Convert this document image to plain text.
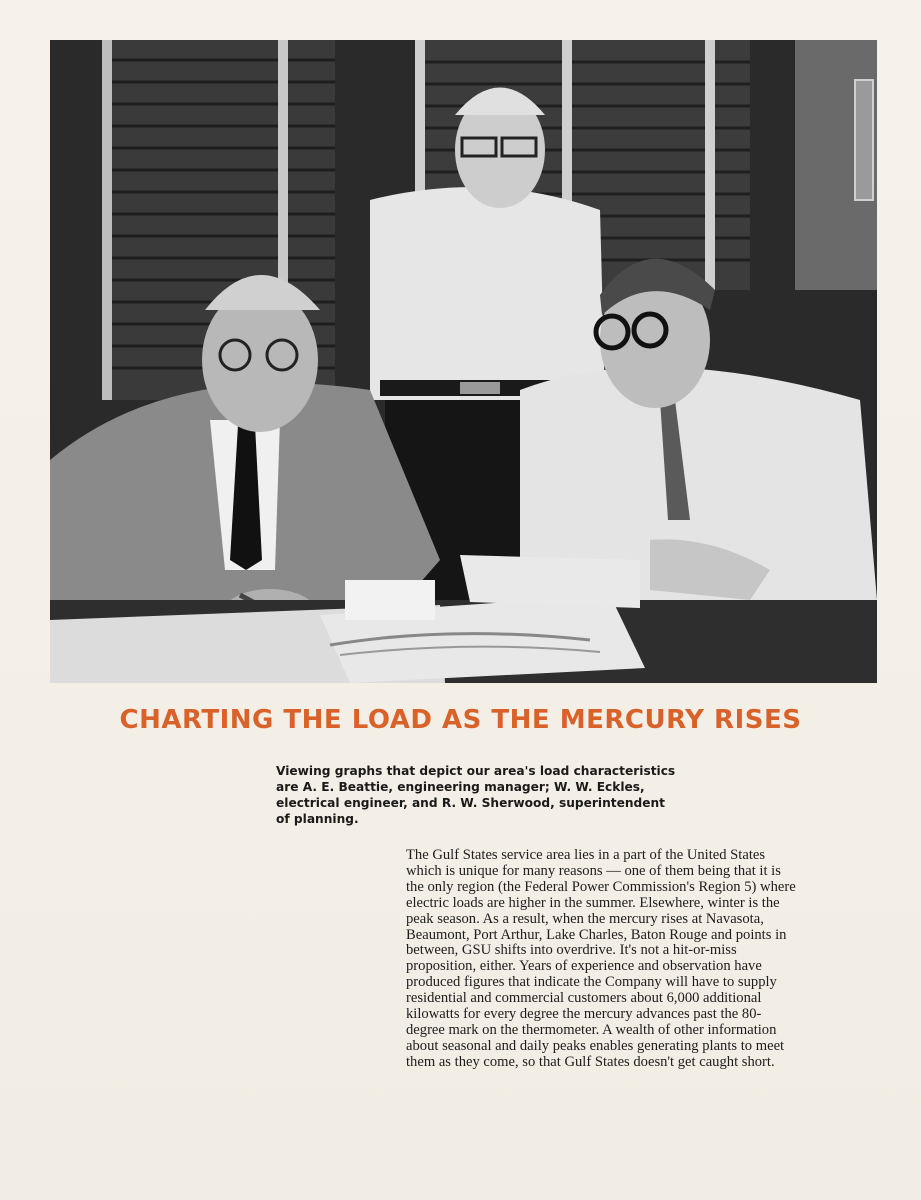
CHARTING THE LOAD AS THE MERCURY RISES

Viewing graphs that depict our area's load characteristics are A. E. Beattie, engineering manager; W. W. Eckles, electrical engineer, and R. W. Sherwood, superintendent of planning.

The Gulf States service area lies in a part of the United States which is unique for many reasons — one of them being that it is the only region (the Federal Power Commission's Region 5) where electric loads are higher in the summer. Elsewhere, winter is the peak season. As a result, when the mercury rises at Navasota, Beaumont, Port Arthur, Lake Charles, Baton Rouge and points in between, GSU shifts into overdrive. It's not a hit-or-miss proposition, either. Years of experience and observation have produced figures that indicate the Company will have to supply residential and commercial customers about 6,000 additional kilowatts for every degree the mercury advances past the 80-degree mark on the thermometer. A wealth of other information about seasonal and daily peaks enables generating plants to meet them as they come, so that Gulf States doesn't get caught short.
